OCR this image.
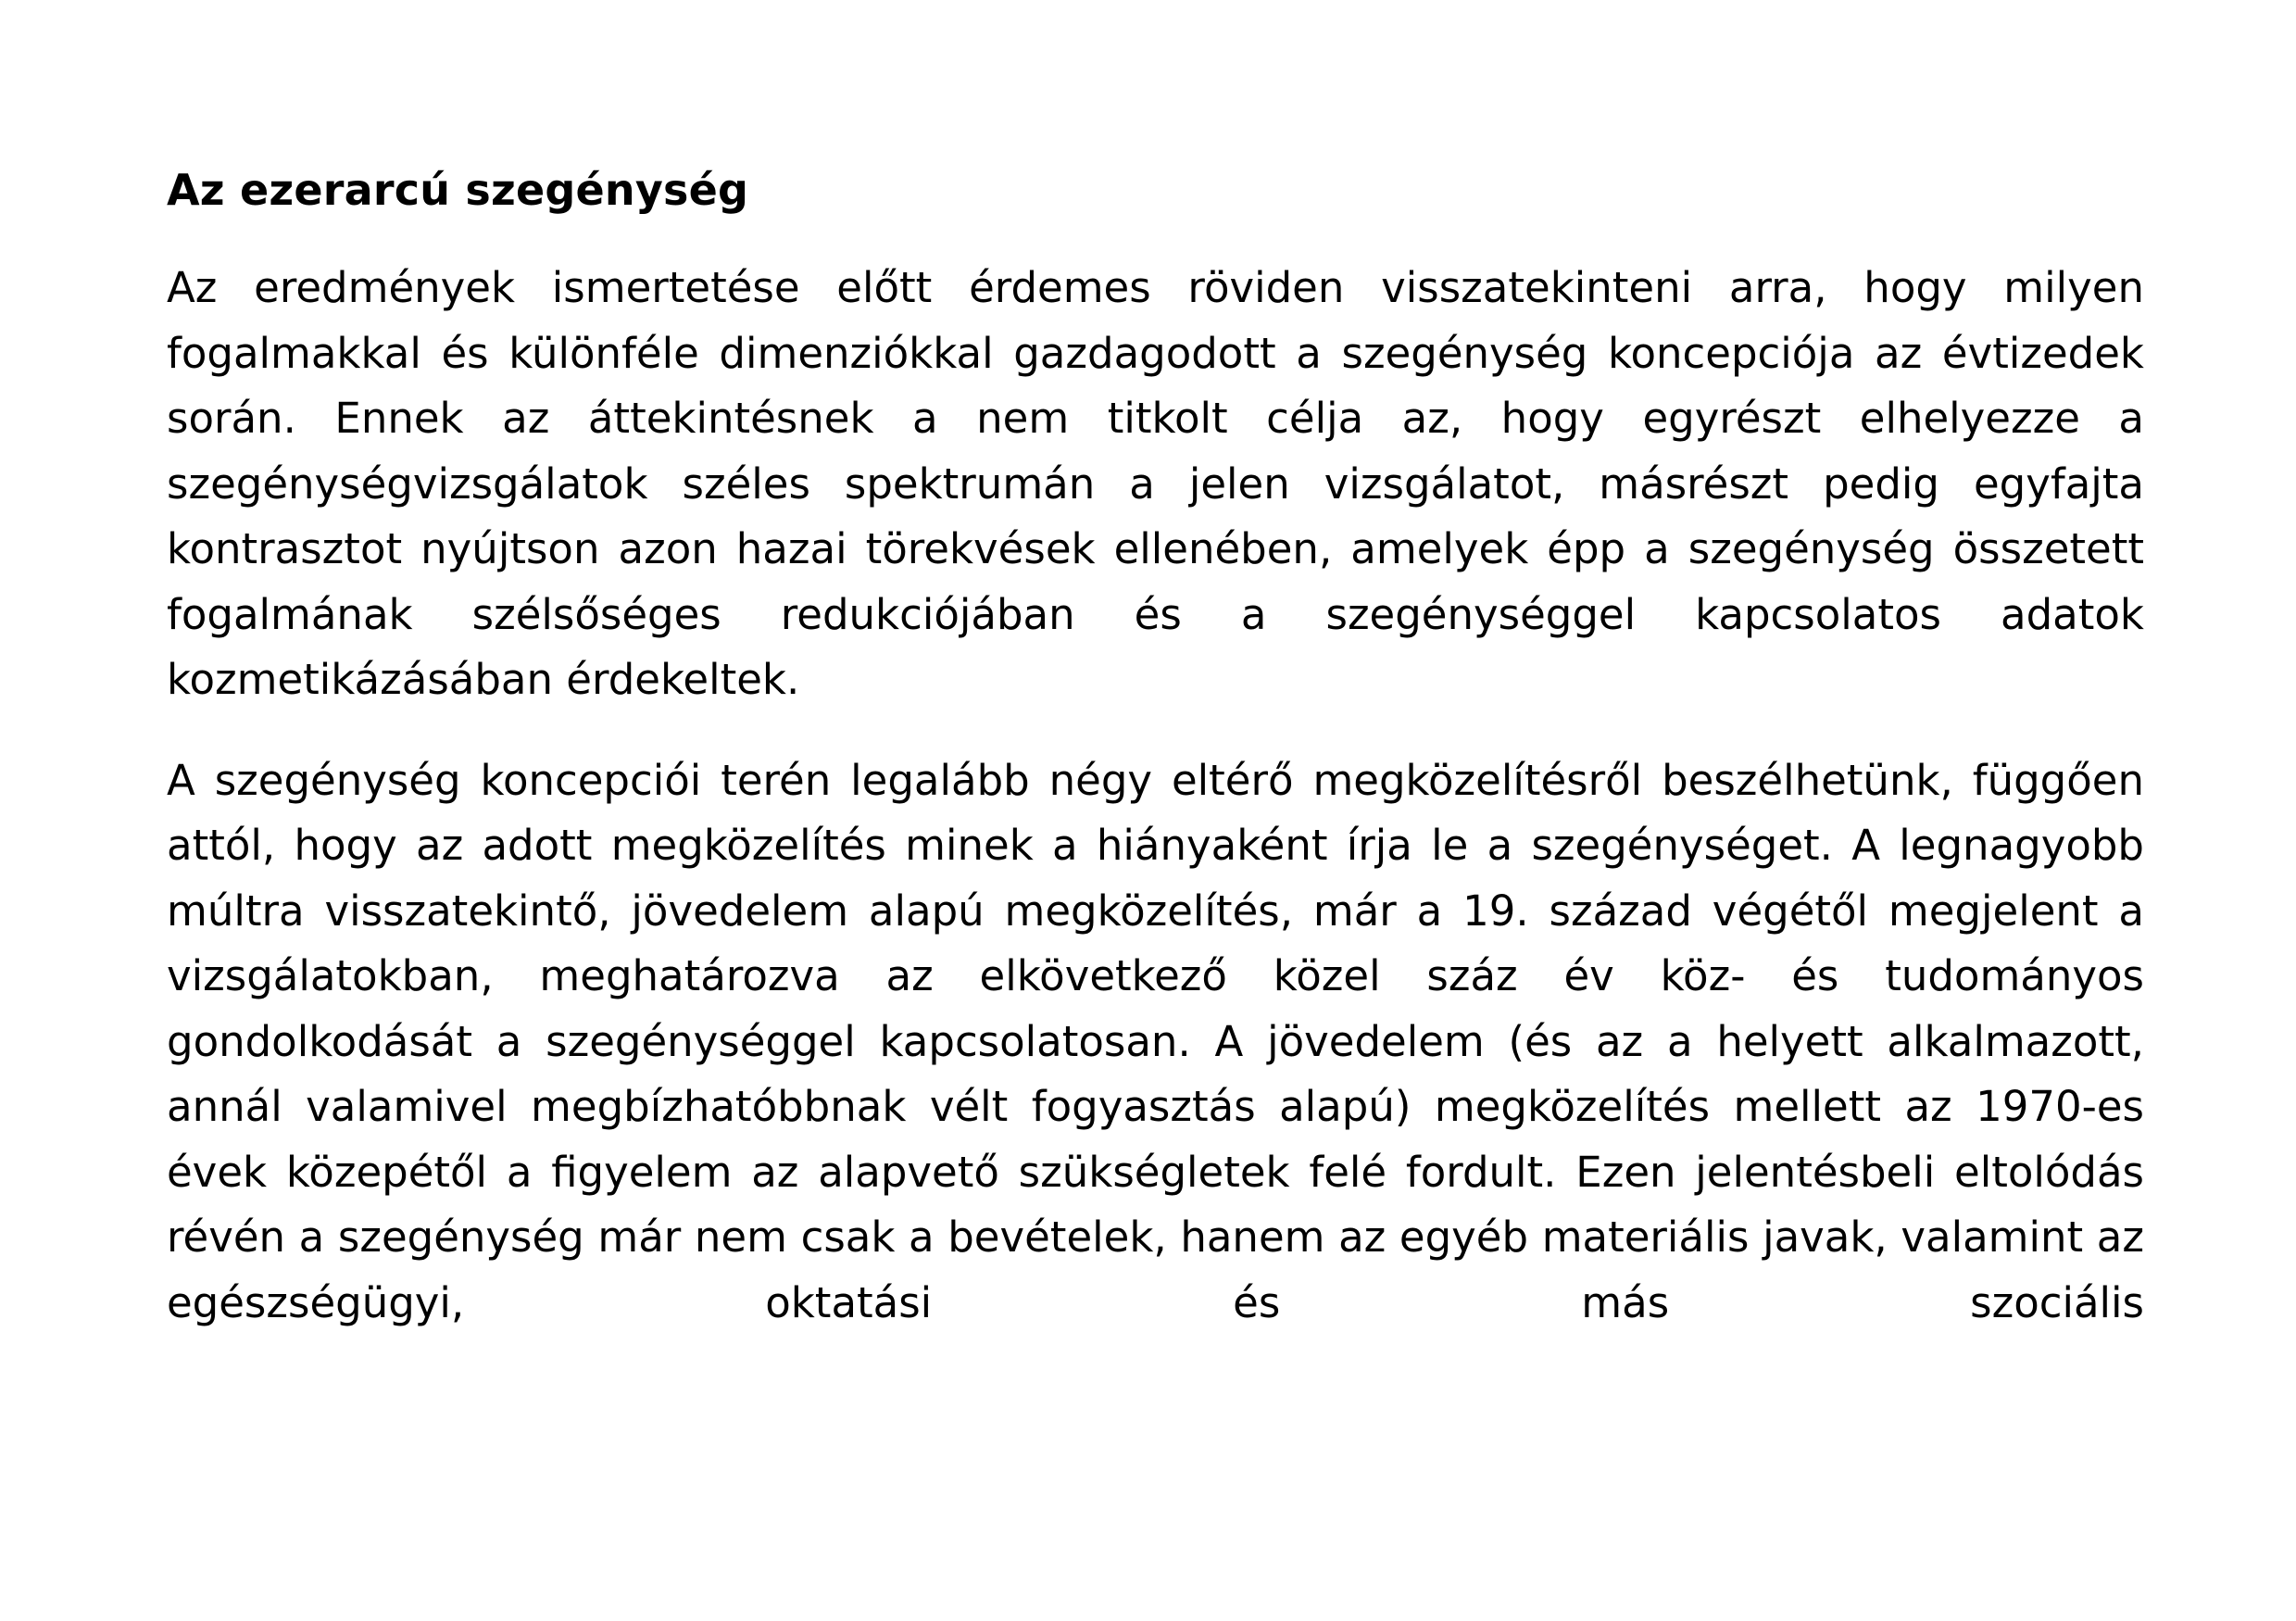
Az ezerarcú szegénység

Az eredmények ismertetése előtt érdemes röviden visszatekinteni arra, hogy milyen fogalmakkal és különféle dimenziókkal gazdagodott a szegénység koncepciója az évtizedek során. Ennek az áttekintésnek a nem titkolt célja az, hogy egyrészt elhelyezze a szegénységvizsgálatok széles spektrumán a jelen vizsgálatot, másrészt pedig egyfajta kontrasztot nyújtson azon hazai törekvések ellenében, amelyek épp a szegénység összetett fogalmának szélsőséges redukciójában és a szegénységgel kapcsolatos adatok kozmetikázásában érdekeltek.

A szegénység koncepciói terén legalább négy eltérő megközelítésről beszélhetünk, függően attól, hogy az adott megközelítés minek a hiányaként írja le a szegénységet. A legnagyobb múltra visszatekintő, jövedelem alapú megközelítés, már a 19. század végétől megjelent a vizsgálatokban, meghatározva az elkövetkező közel száz év köz- és tudományos gondolkodását a szegénységgel kapcsolatosan. A jövedelem (és az a helyett alkalmazott, annál valamivel megbízhatóbbnak vélt fogyasztás alapú) megközelítés mellett az 1970-es évek közepétől a figyelem az alapvető szükségletek felé fordult. Ezen jelentésbeli eltolódás révén a szegénység már nem csak a bevételek, hanem az egyéb materiális javak, valamint az egészségügyi, oktatási és más szociális
